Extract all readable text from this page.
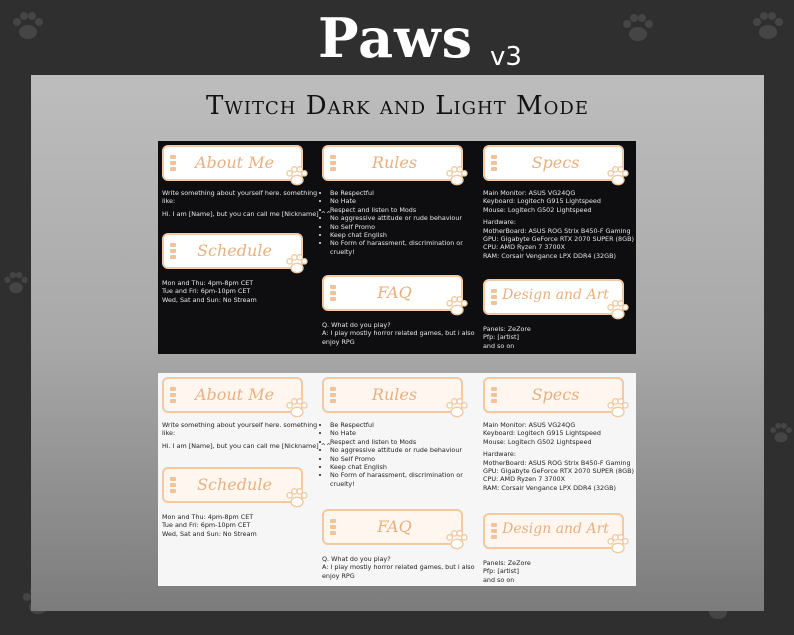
Paws v3
Twitch Dark and Light Mode
About Me

Write something about yourself here. something

like:

Hi. I am [Name], but you can call me [Nickname] ^^

Schedule

Mon and Thu: 4pm-8pm CET

Tue and Fri: 6pm-10pm CET

Wed, Sat and Sun: No Stream

Rules
• Be Respectful
• No Hate
• Respect and listen to Mods
• No aggressive attitude or rude behaviour
• No Self Promo
• Keep chat English
• No Form of harassment, discrimination or

cruelty!

FAQ

Q. What do you play?

A: I play mostly horror related games, but i also

enjoy RPG

Specs

Main Monitor: ASUS VG24QG

Keyboard: Logitech G915 Lightspeed

Mouse: Logitech G502 Lightspeed

Hardware:

MotherBoard: ASUS ROG Strix B450-F Gaming

GPU: Gigabyte GeForce RTX 2070 SUPER (8GB)

CPU: AMD Ryzen 7 3700X

RAM: Corsair Vengance LPX DDR4 (32GB)

Design and Art

Panels: ZeZore

Pfp: [artist]

and so on

About Me

Write something about yourself here. something

like:

Hi. I am [Name], but you can call me [Nickname] ^^

Schedule

Mon and Thu: 4pm-8pm CET

Tue and Fri: 6pm-10pm CET

Wed, Sat and Sun: No Stream

Rules
• Be Respectful
• No Hate
• Respect and listen to Mods
• No aggressive attitude or rude behaviour
• No Self Promo
• Keep chat English
• No Form of harassment, discrimination or

cruelty!

FAQ

Q. What do you play?

A: I play mostly horror related games, but i also

enjoy RPG

Specs

Main Monitor: ASUS VG24QG

Keyboard: Logitech G915 Lightspeed

Mouse: Logitech G502 Lightspeed

Hardware:

MotherBoard: ASUS ROG Strix B450-F Gaming

GPU: Gigabyte GeForce RTX 2070 SUPER (8GB)

CPU: AMD Ryzen 7 3700X

RAM: Corsair Vengance LPX DDR4 (32GB)

Design and Art

Panels: ZeZore

Pfp: [artist]

and so on
